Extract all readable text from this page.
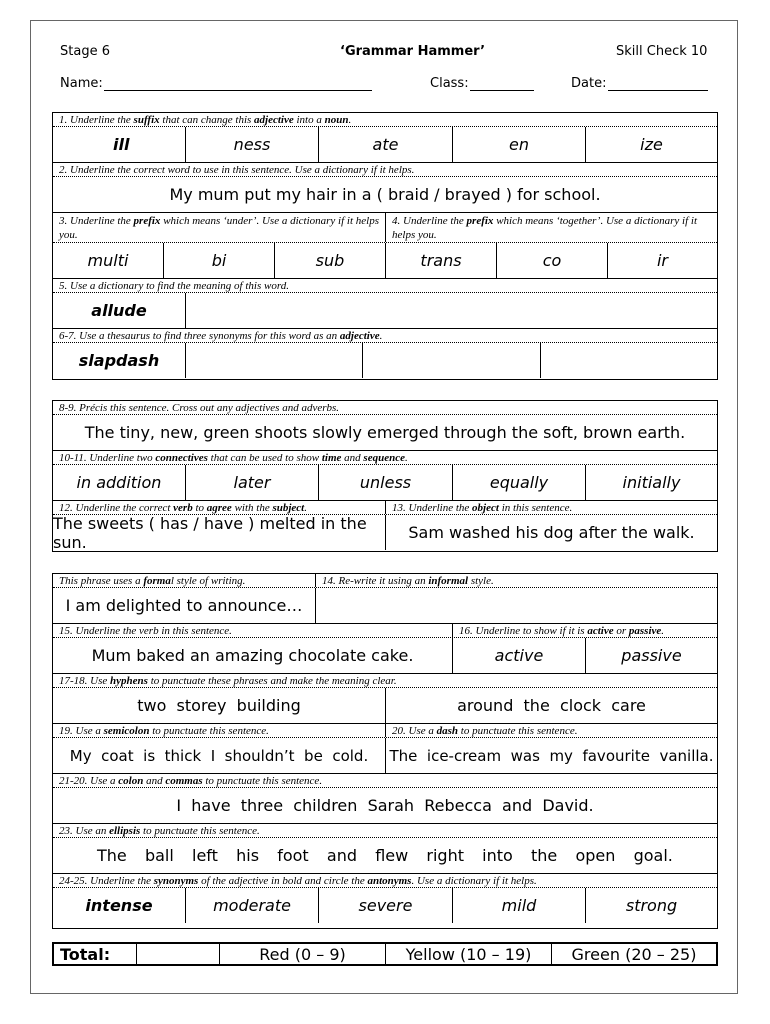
Stage 6	‘Grammar Hammer’	Skill Check 10
Name:	Class:	Date:
1. Underline the suffix that can change this adjective into a noun.
ill	ness	ate	en	ize
2. Underline the correct word to use in this sentence. Use a dictionary if it helps.
My mum put my hair in a ( braid / brayed ) for school.
3. Underline the prefix which means ‘under’. Use a dictionary if it helps you.
4. Underline the prefix which means ‘together’. Use a dictionary if it helps you.
multi	bi	sub	trans	co	ir
5. Use a dictionary to find the meaning of this word.
allude
6-7. Use a thesaurus to find three synonyms for this word as an adjective.
slapdash
8-9. Précis this sentence. Cross out any adjectives and adverbs.
The tiny, new, green shoots slowly emerged through the soft, brown earth.
10-11. Underline two connectives that can be used to show time and sequence.
in addition	later	unless	equally	initially
12. Underline the correct verb to agree with the subject.	13. Underline the object in this sentence.
The sweets ( has / have ) melted in the sun.	Sam washed his dog after the walk.
This phrase uses a formal style of writing.	14. Re-write it using an informal style.
I am delighted to announce…
15. Underline the verb in this sentence.	16. Underline to show if it is active or passive.
Mum baked an amazing chocolate cake.	active	passive
17-18. Use hyphens to punctuate these phrases and make the meaning clear.
two  storey  building	around  the  clock  care
19. Use a semicolon to punctuate this sentence.	20. Use a dash to punctuate this sentence.
My  coat  is  thick  I  shouldn’t  be  cold.	The  ice-cream  was  my  favourite  vanilla.
21-20. Use a colon and commas to punctuate this sentence.
I  have  three  children  Sarah  Rebecca  and  David.
23. Use an ellipsis to punctuate this sentence.
The ball left his foot and flew right into the open goal.
24-25. Underline the synonyms of the adjective in bold and circle the antonyms. Use a dictionary if it helps.
intense	moderate	severe	mild	strong
Total:	Red (0 – 9)	Yellow (10 – 19)	Green (20 – 25)
